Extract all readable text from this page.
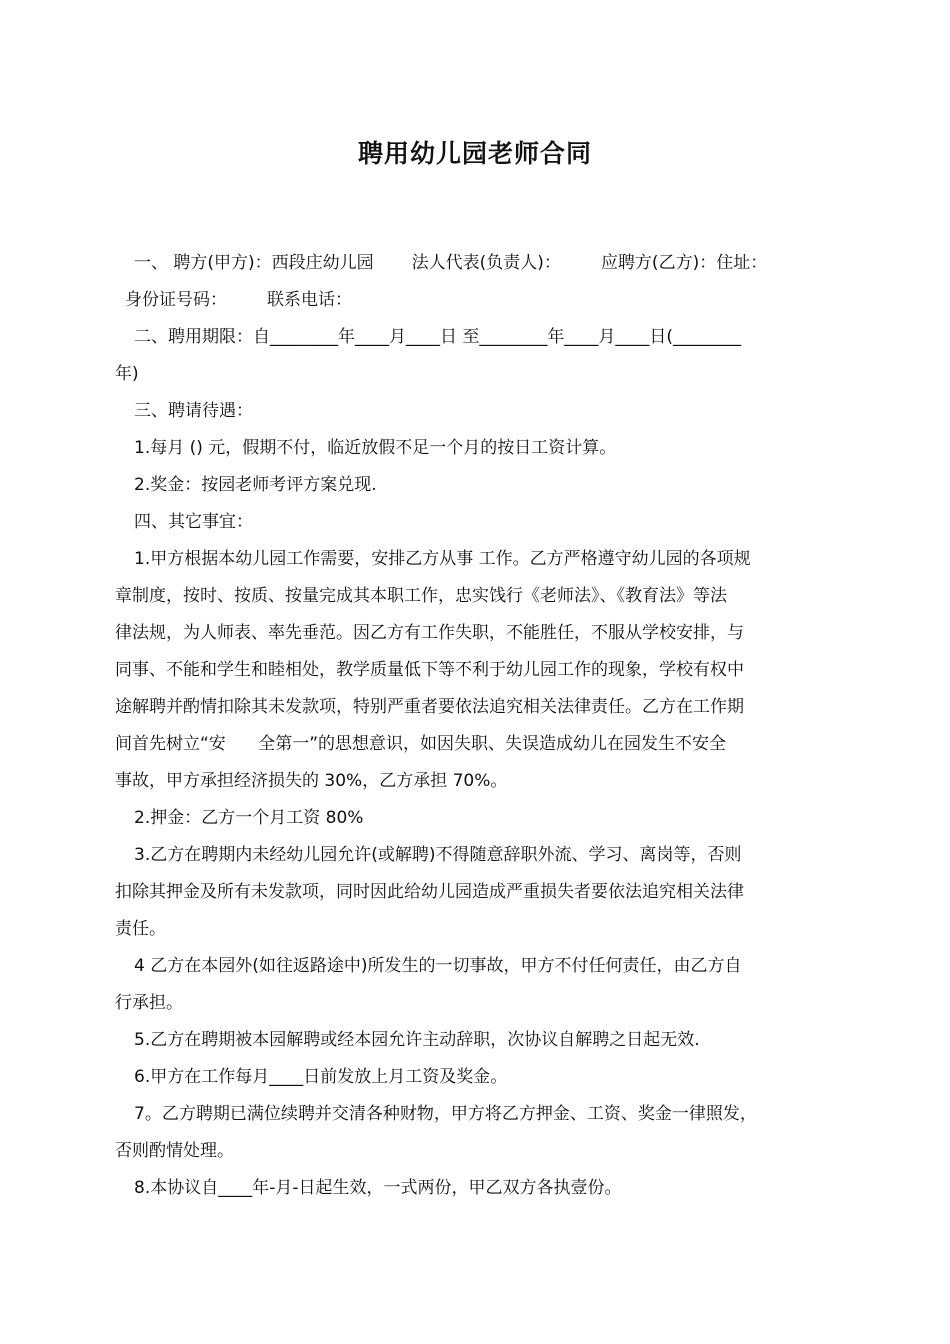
聘用幼儿园老师合同
一、 聘方(甲方)：西段庄幼儿园 法人代表(负责人)： 应聘方(乙方)：住址：
身份证号码： 联系电话：
二、聘用期限：自________年____月____日 至________年____月____日(________
年)
三、聘请待遇：
1.每月 () 元，假期不付，临近放假不足一个月的按日工资计算。
2.奖金：按园老师考评方案兑现.
四、其它事宜：
1.甲方根据本幼儿园工作需要，安排乙方从事 工作。乙方严格遵守幼儿园的各项规
章制度，按时、按质、按量完成其本职工作，忠实饯行《老师法》、《教育法》等法
律法规，为人师表、率先垂范。因乙方有工作失职，不能胜任，不服从学校安排，与
同事、不能和学生和睦相处，教学质量低下等不利于幼儿园工作的现象，学校有权中
途解聘并酌情扣除其未发款项，特别严重者要依法追究相关法律责任。乙方在工作期
间首先树立“安      全第一”的思想意识，如因失职、失误造成幼儿在园发生不安全
事故，甲方承担经济损失的 30%，乙方承担 70%。
2.押金：乙方一个月工资 80%
3.乙方在聘期内未经幼儿园允许(或解聘)不得随意辞职外流、学习、离岗等，否则
扣除其押金及所有未发款项，同时因此给幼儿园造成严重损失者要依法追究相关法律
责任。
4 乙方在本园外(如往返路途中)所发生的一切事故，甲方不付任何责任，由乙方自
行承担。
5.乙方在聘期被本园解聘或经本园允许主动辞职，次协议自解聘之日起无效.
6.甲方在工作每月____日前发放上月工资及奖金。
7。乙方聘期已满位续聘并交清各种财物，甲方将乙方押金、工资、奖金一律照发，
否则酌情处理。
8.本协议自____年-月-日起生效，一式两份，甲乙双方各执壹份。
